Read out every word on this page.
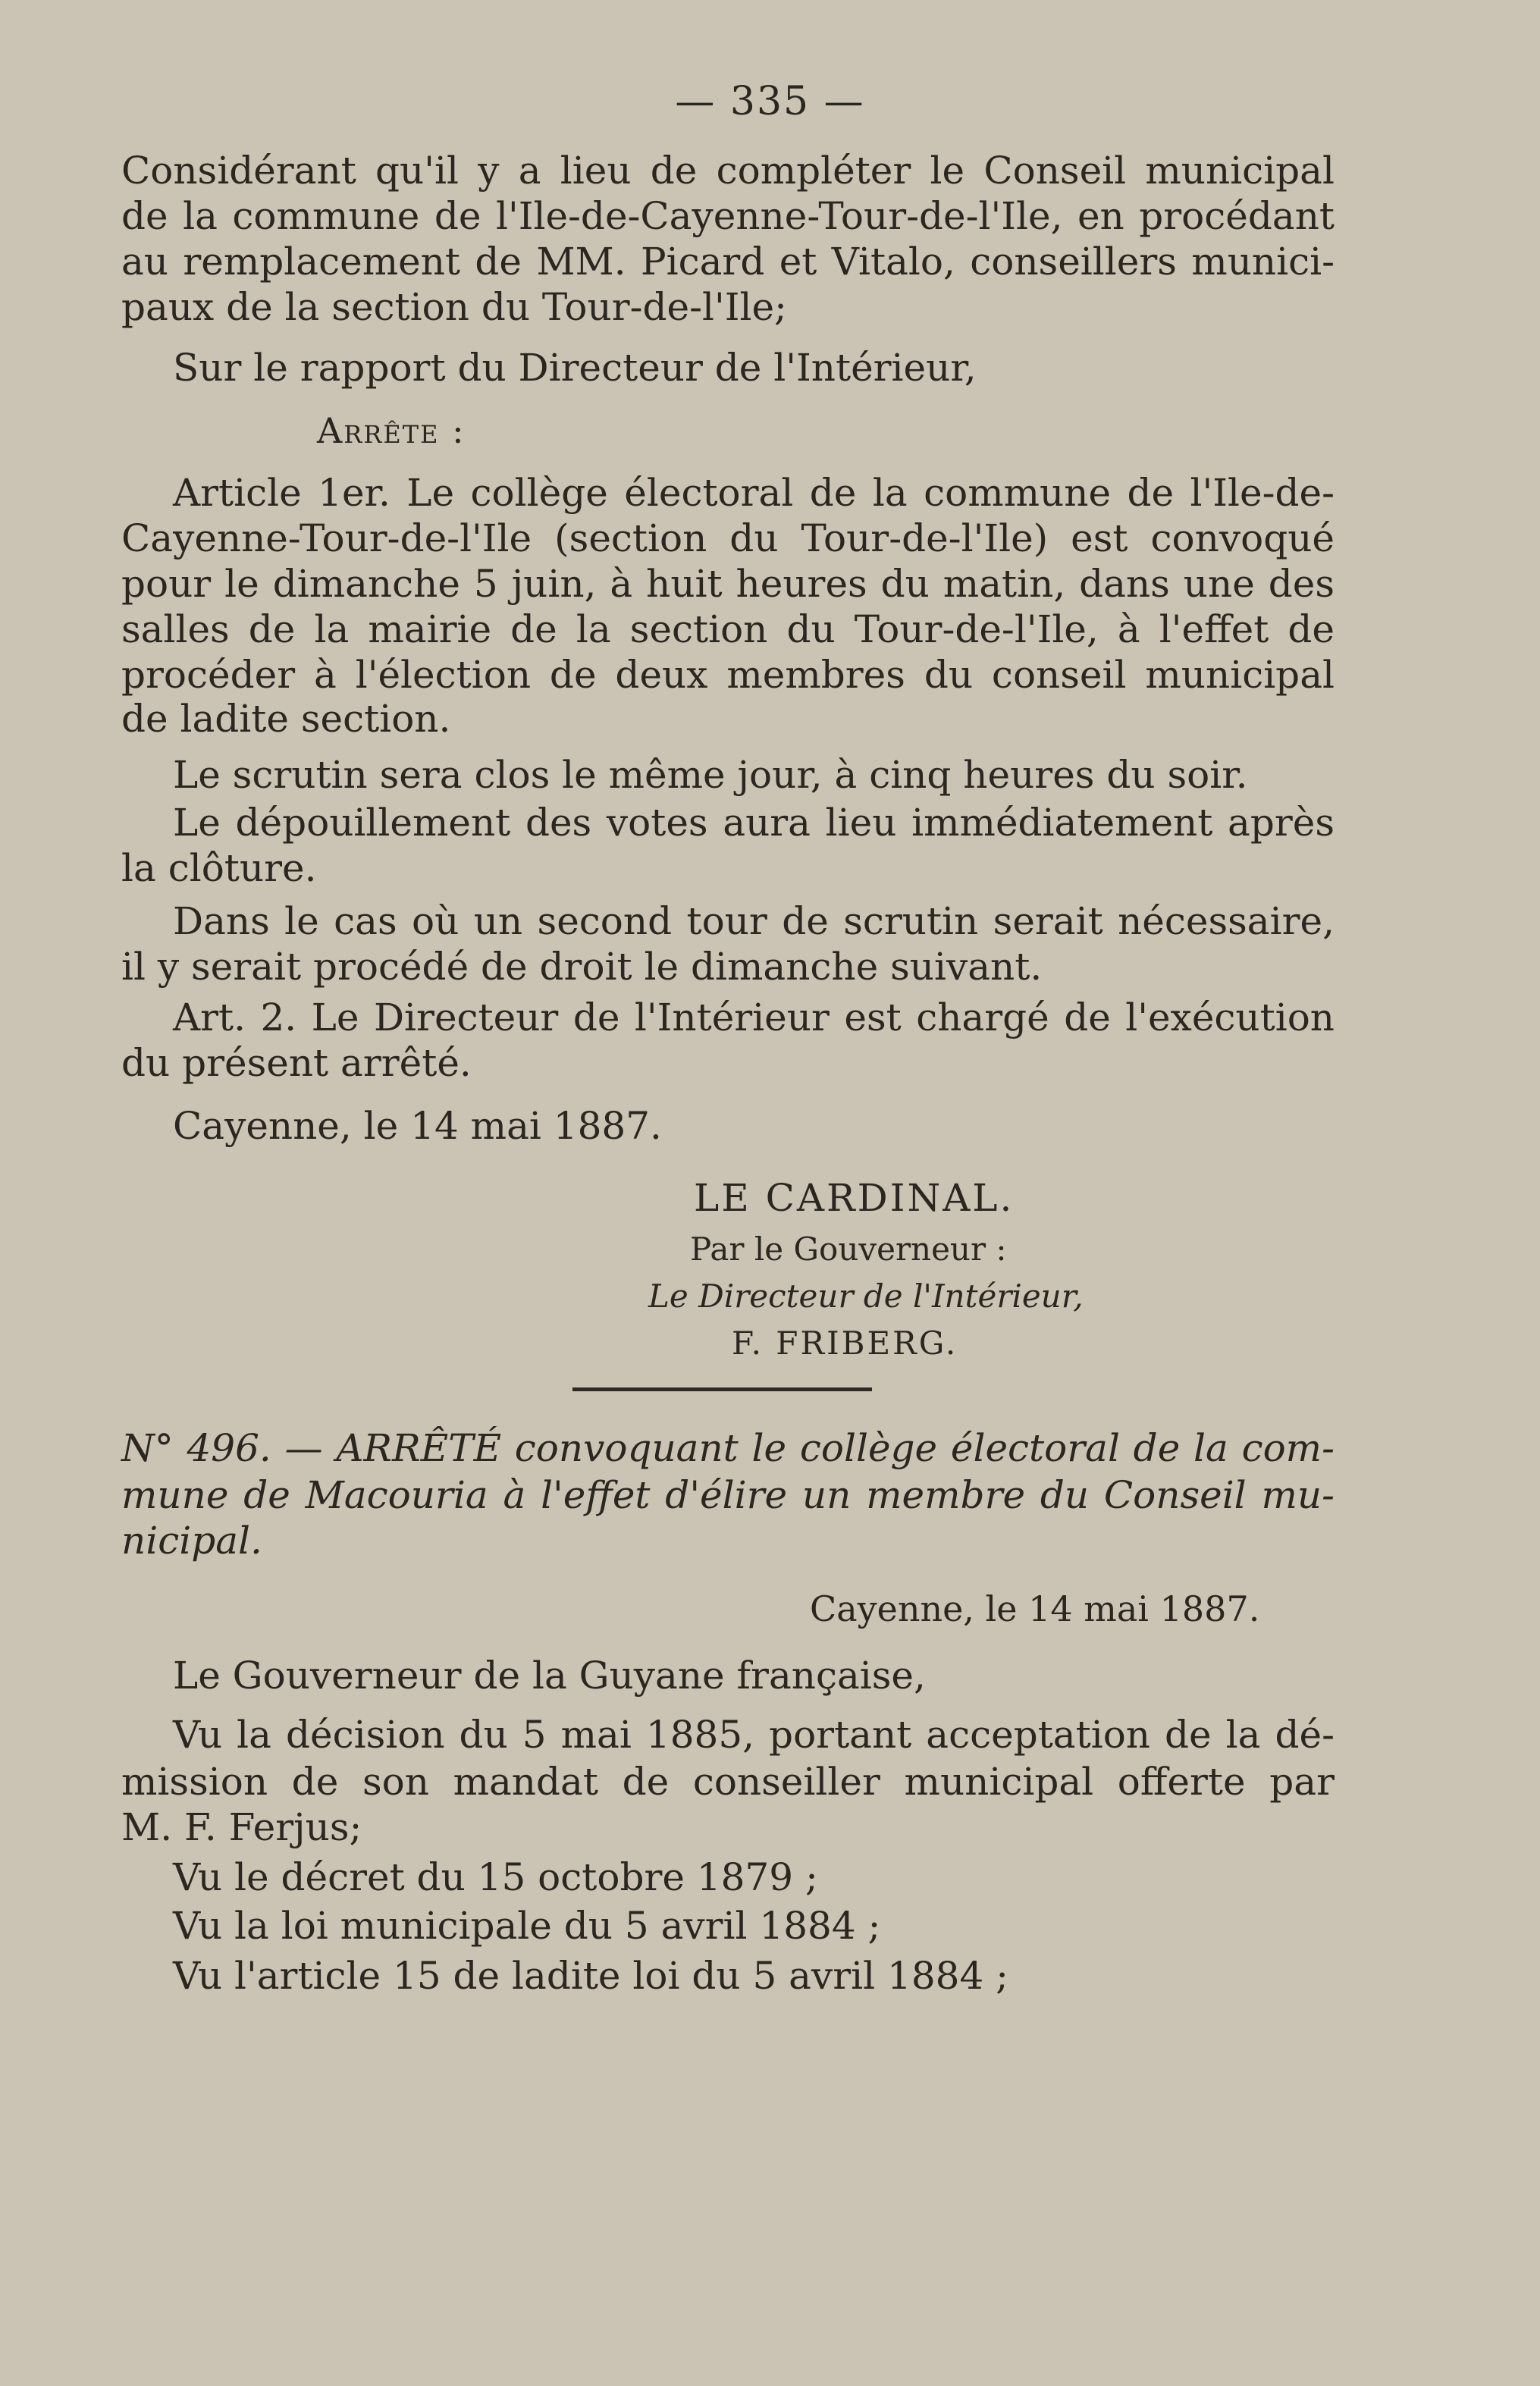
— 335 —
Considérant qu'il y a lieu de compléter le Conseil municipal
de la commune de l'Ile-de-Cayenne-Tour-de-l'Ile, en procédant
au remplacement de MM. Picard et Vitalo, conseillers munici-
paux de la section du Tour-de-l'Ile;
Sur le rapport du Directeur de l'Intérieur,
Arrête :
Article 1er. Le collège électoral de la commune de l'Ile-de-
Cayenne-Tour-de-l'Ile (section du Tour-de-l'Ile) est convoqué
pour le dimanche 5 juin, à huit heures du matin, dans une des
salles de la mairie de la section du Tour-de-l'Ile, à l'effet de
procéder à l'élection de deux membres du conseil municipal
de ladite section.
Le scrutin sera clos le même jour, à cinq heures du soir.
Le dépouillement des votes aura lieu immédiatement après
la clôture.
Dans le cas où un second tour de scrutin serait nécessaire,
il y serait procédé de droit le dimanche suivant.
Art. 2. Le Directeur de l'Intérieur est chargé de l'exécution
du présent arrêté.
Cayenne, le 14 mai 1887.
LE CARDINAL.
Par le Gouverneur :
Le Directeur de l'Intérieur,
F. FRIBERG.
N° 496. — ARRÊTÉ convoquant le collège électoral de la com-
mune de Macouria à l'effet d'élire un membre du Conseil mu-
nicipal.
Cayenne, le 14 mai 1887.
Le Gouverneur de la Guyane française,
Vu la décision du 5 mai 1885, portant acceptation de la dé-
mission de son mandat de conseiller municipal offerte par
M. F. Ferjus;
Vu le décret du 15 octobre 1879 ;
Vu la loi municipale du 5 avril 1884 ;
Vu l'article 15 de ladite loi du 5 avril 1884 ;
